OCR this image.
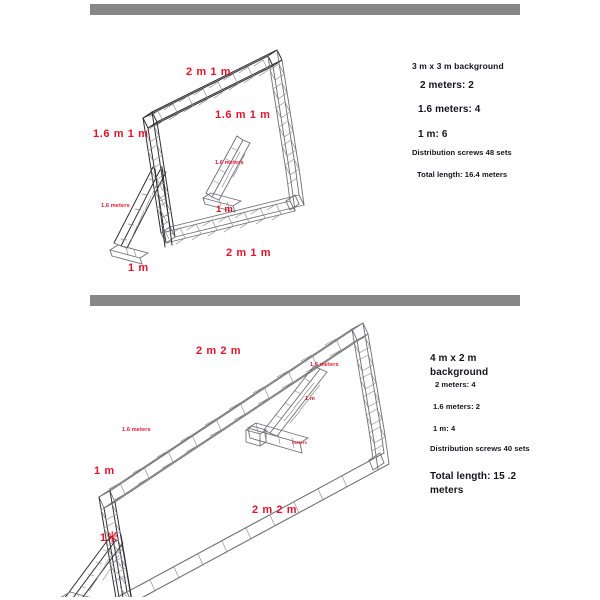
2 m 1 m
1.6 m 1 m
1.6 m 1 m
1 m
2 m 1 m
1 m
1.6 meters
1.6 meters
3 m x 3 m background
2 meters: 2
1.6 meters: 4
1 m: 6
Distribution screws 48 sets
Total length: 16.4 meters
2 m 2 m
2 m 2 m
1 m
1米
1.6 meters
1 m
1.6 meters
meters
4 m x 2 m background
2 meters: 4
1.6 meters: 2
1 m: 4
Distribution screws 40 sets
Total length: 15 .2 meters
